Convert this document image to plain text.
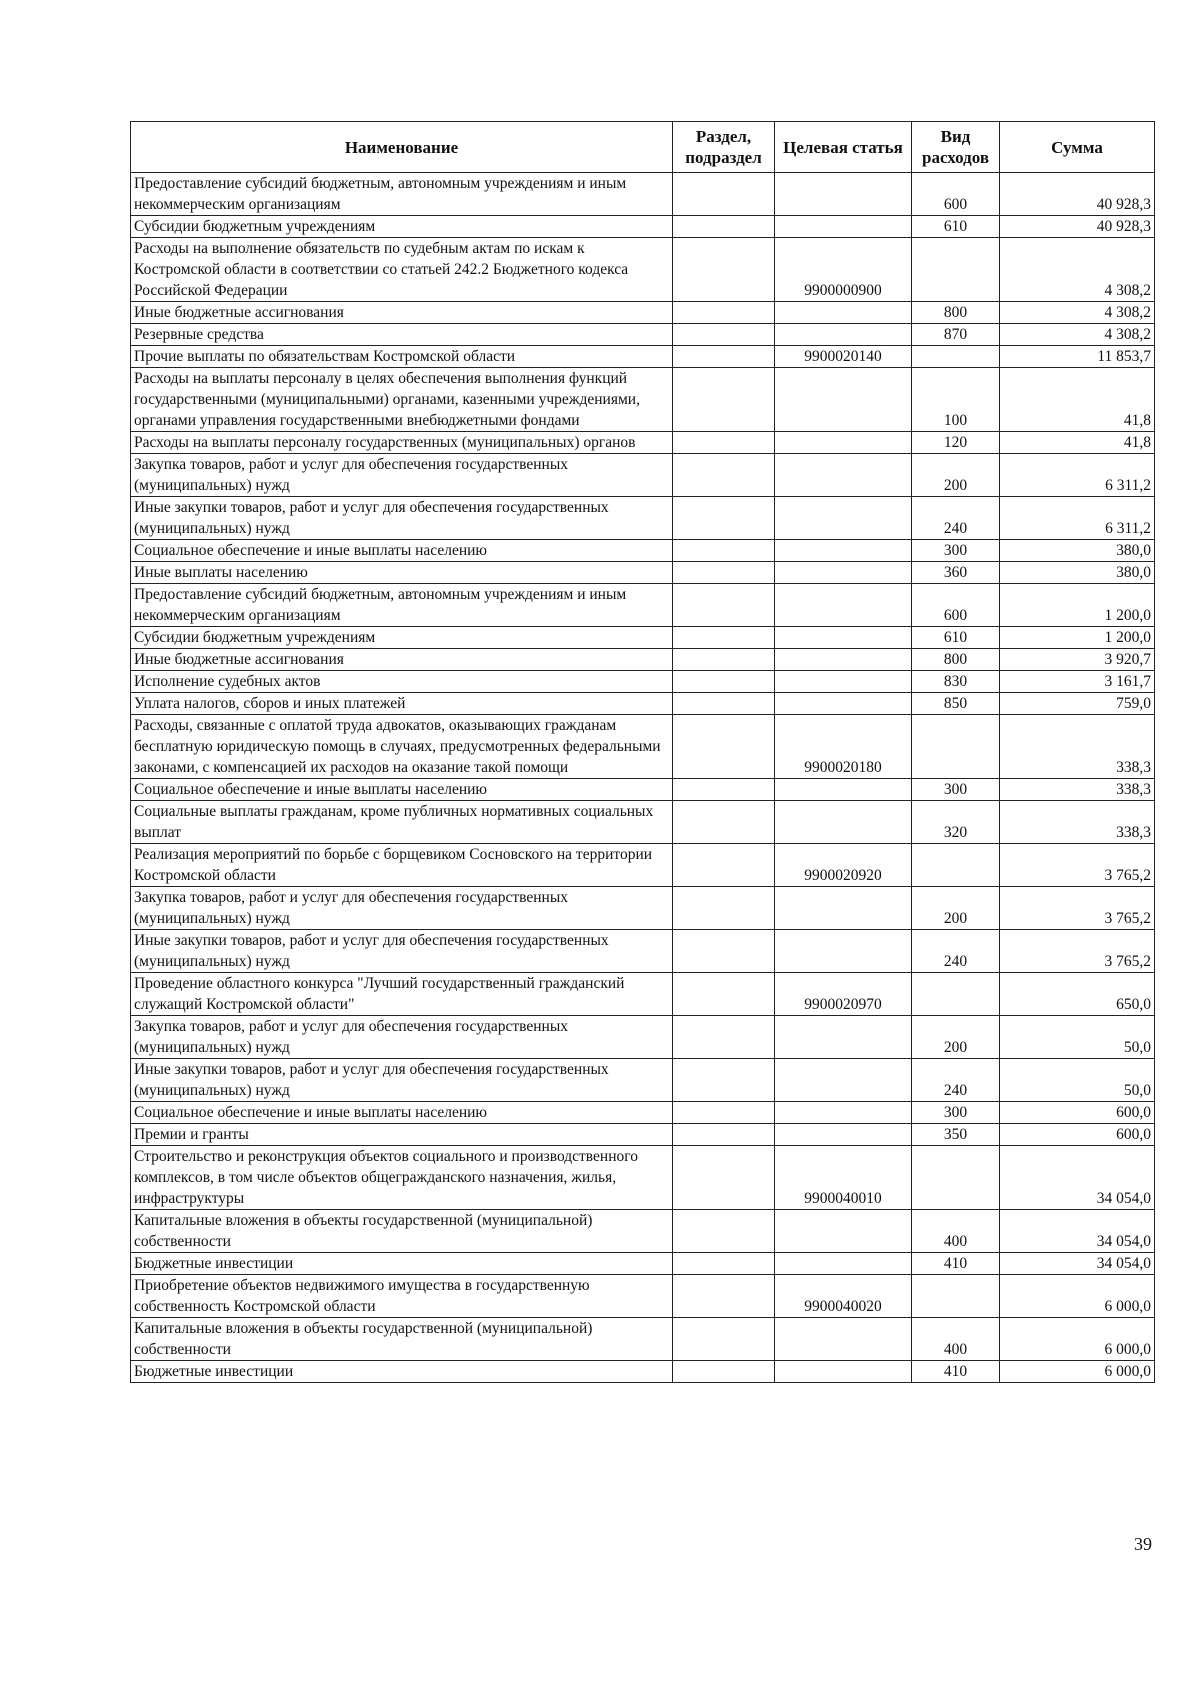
Наименование	Раздел, подраздел	Целевая статья	Вид расходов	Сумма
Предоставление субсидий бюджетным, автономным учреждениям и иным некоммерческим организациям			600	40 928,3
Субсидии бюджетным учреждениям			610	40 928,3
Расходы на выполнение обязательств по судебным актам по искам к Костромской области в соответствии со статьей 242.2 Бюджетного кодекса Российской Федерации		9900000900		4 308,2
Иные бюджетные ассигнования			800	4 308,2
Резервные средства			870	4 308,2
Прочие выплаты по обязательствам Костромской области		9900020140		11 853,7
Расходы на выплаты персоналу в целях обеспечения выполнения функций государственными (муниципальными) органами, казенными учреждениями, органами управления государственными внебюджетными фондами			100	41,8
Расходы на выплаты персоналу государственных (муниципальных) органов			120	41,8
Закупка товаров, работ и услуг для обеспечения государственных (муниципальных) нужд			200	6 311,2
Иные закупки товаров, работ и услуг для обеспечения государственных (муниципальных) нужд			240	6 311,2
Социальное обеспечение и иные выплаты населению			300	380,0
Иные выплаты населению			360	380,0
Предоставление субсидий бюджетным, автономным учреждениям и иным некоммерческим организациям			600	1 200,0
Субсидии бюджетным учреждениям			610	1 200,0
Иные бюджетные ассигнования			800	3 920,7
Исполнение судебных актов			830	3 161,7
Уплата налогов, сборов и иных платежей			850	759,0
Расходы, связанные с оплатой труда адвокатов, оказывающих гражданам бесплатную юридическую помощь в случаях, предусмотренных федеральными законами, с компенсацией их расходов на оказание такой помощи		9900020180		338,3
Социальное обеспечение и иные выплаты населению			300	338,3
Социальные выплаты гражданам, кроме публичных нормативных социальных выплат			320	338,3
Реализация мероприятий по борьбе с борщевиком Сосновского на территории Костромской области		9900020920		3 765,2
Закупка товаров, работ и услуг для обеспечения государственных (муниципальных) нужд			200	3 765,2
Иные закупки товаров, работ и услуг для обеспечения государственных (муниципальных) нужд			240	3 765,2
Проведение областного конкурса "Лучший государственный гражданский служащий Костромской области"		9900020970		650,0
Закупка товаров, работ и услуг для обеспечения государственных (муниципальных) нужд			200	50,0
Иные закупки товаров, работ и услуг для обеспечения государственных (муниципальных) нужд			240	50,0
Социальное обеспечение и иные выплаты населению			300	600,0
Премии и гранты			350	600,0
Строительство и реконструкция объектов социального и производственного комплексов, в том числе объектов общегражданского назначения, жилья, инфраструктуры		9900040010		34 054,0
Капитальные вложения в объекты государственной (муниципальной) собственности			400	34 054,0
Бюджетные инвестиции			410	34 054,0
Приобретение объектов недвижимого имущества в государственную собственность Костромской области		9900040020		6 000,0
Капитальные вложения в объекты государственной (муниципальной) собственности			400	6 000,0
Бюджетные инвестиции			410	6 000,0
39
